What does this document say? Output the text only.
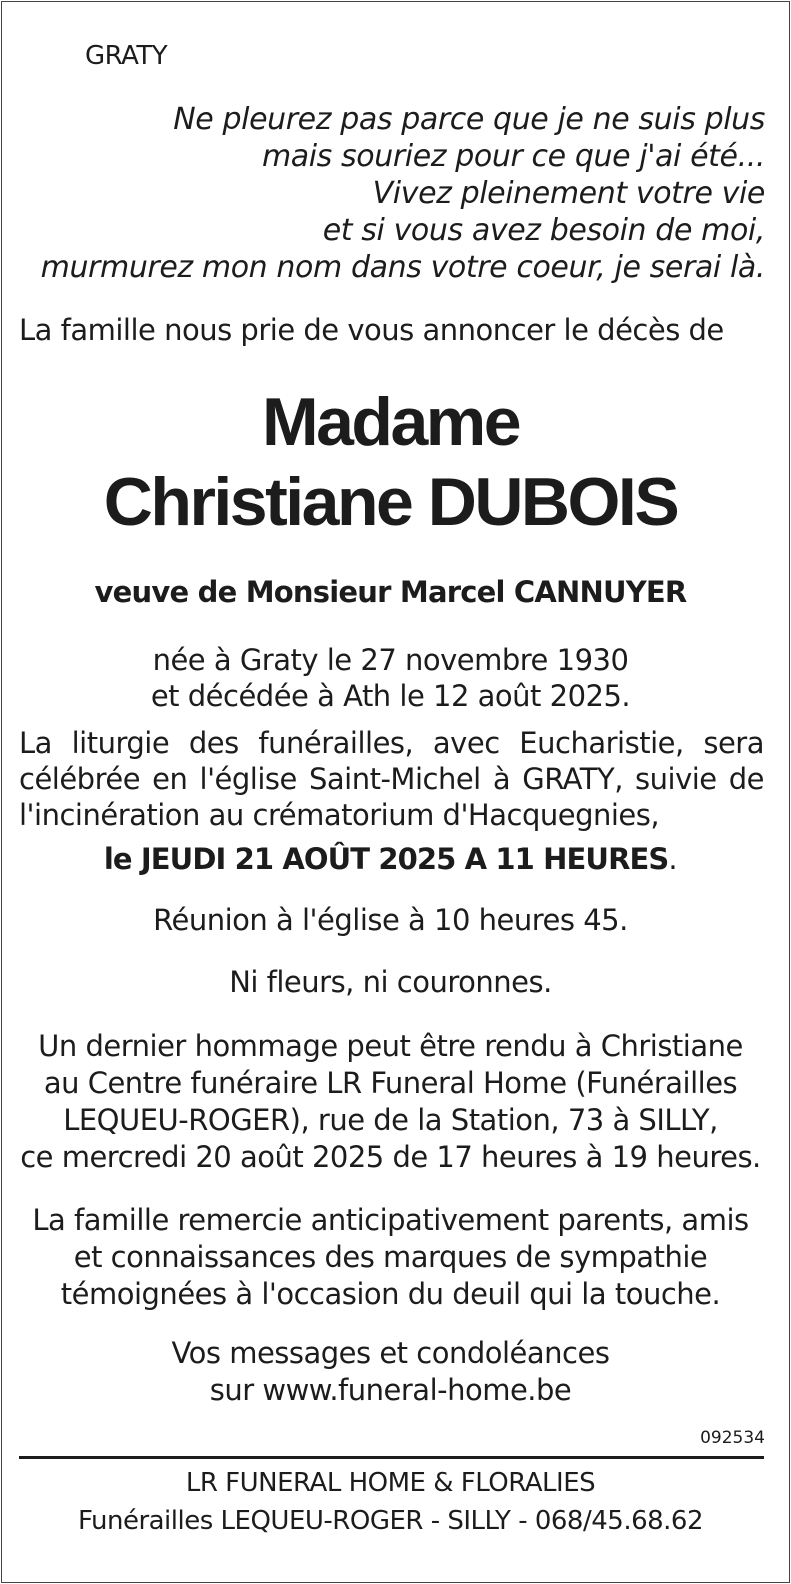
GRATY
Ne pleurez pas parce que je ne suis plus
mais souriez pour ce que j'ai été...
Vivez pleinement votre vie
et si vous avez besoin de moi,
murmurez mon nom dans votre coeur, je serai là.
La famille nous prie de vous annoncer le décès de
Madame
Christiane DUBOIS
veuve de Monsieur Marcel CANNUYER
née à Graty le 27 novembre 1930
et décédée à Ath le 12 août 2025.
La liturgie des funérailles, avec Eucharistie, sera
célébrée en l'église Saint-Michel à GRATY, suivie de
l'incinération au crématorium d'Hacquegnies,
le JEUDI 21 AOÛT 2025 A 11 HEURES.
Réunion à l'église à 10 heures 45.
Ni fleurs, ni couronnes.
Un dernier hommage peut être rendu à Christiane
au Centre funéraire LR Funeral Home (Funérailles
LEQUEU-ROGER), rue de la Station, 73 à SILLY,
ce mercredi 20 août 2025 de 17 heures à 19 heures.
La famille remercie anticipativement parents, amis
et connaissances des marques de sympathie
témoignées à l'occasion du deuil qui la touche.
Vos messages et condoléances
sur www.funeral-home.be
092534
LR FUNERAL HOME & FLORALIES
Funérailles LEQUEU-ROGER - SILLY - 068/45.68.62
